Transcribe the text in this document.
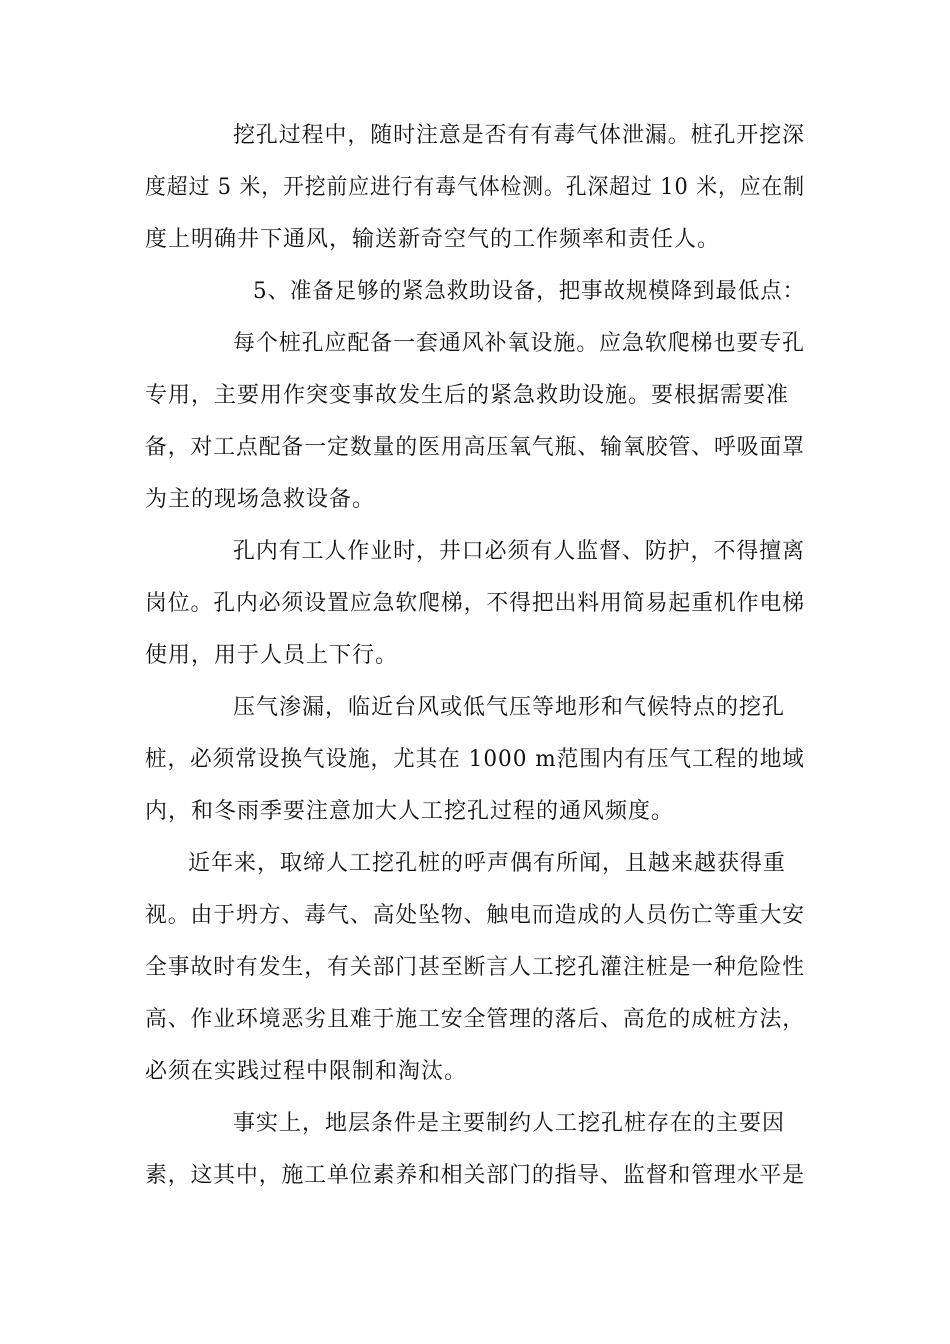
挖孔过程中，随时注意是否有有毒气体泄漏。桩孔开挖深
度超过 5 米，开挖前应进行有毒气体检测。孔深超过 10 米，应在制
度上明确井下通风，输送新奇空气的工作频率和责任人。
5、准备足够的紧急救助设备，把事故规模降到最低点：
每个桩孔应配备一套通风补氧设施。应急软爬梯也要专孔
专用，主要用作突变事故发生后的紧急救助设施。要根据需要准
备，对工点配备一定数量的医用高压氧气瓶、输氧胶管、呼吸面罩
为主的现场急救设备。
孔内有工人作业时，井口必须有人监督、防护，不得擅离
岗位。孔内必须设置应急软爬梯，不得把出料用简易起重机作电梯
使用，用于人员上下行。
压气渗漏，临近台风或低气压等地形和气候特点的挖孔
桩，必须常设换气设施，尤其在 1000 m范围内有压气工程的地域
内，和冬雨季要注意加大人工挖孔过程的通风频度。
近年来，取缔人工挖孔桩的呼声偶有所闻，且越来越获得重
视。由于坍方、毒气、高处坠物、触电而造成的人员伤亡等重大安
全事故时有发生，有关部门甚至断言人工挖孔灌注桩是一种危险性
高、作业环境恶劣且难于施工安全管理的落后、高危的成桩方法，
必须在实践过程中限制和淘汰。
事实上，地层条件是主要制约人工挖孔桩存在的主要因
素，这其中，施工单位素养和相关部门的指导、监督和管理水平是
